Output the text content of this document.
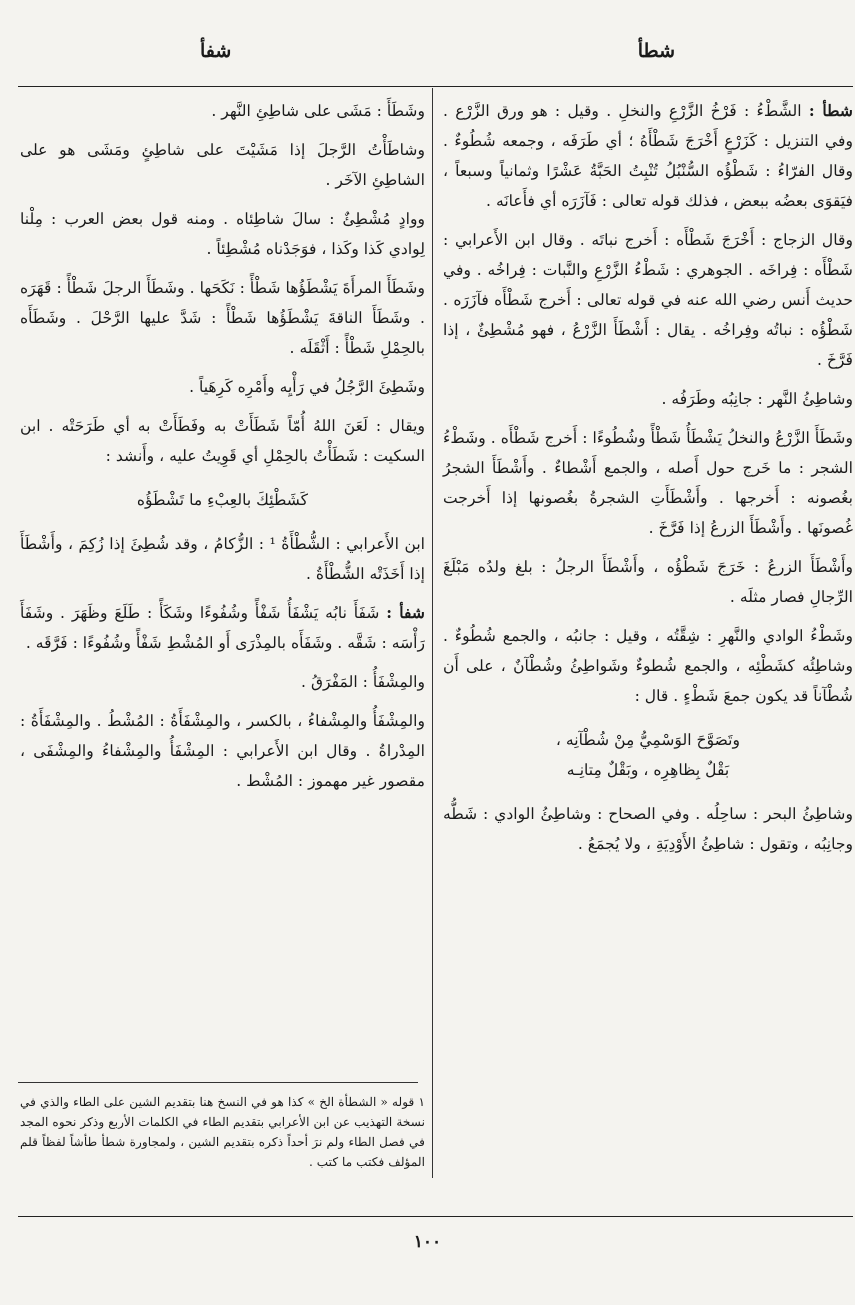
شطأ
شفأ

شطأ : الشَّطْءُ : فَرْخُ الزَّرْعِ والنخلِ . وقيل : هو ورق الزَّرْع . وفي التنزيل : كَزَرْعٍ أَخْرَجَ شَطْأَهُ ؛ أي طَرَفَه ، وجمعه شُطُوءٌ . وقال الفرّاءُ : شَطْؤُه السُّنْبُلُ تُنْبِتُ الحَبَّةُ عَشْرًا وثمانياً وسبعاً ، فيَقوَى بعضُه ببعض ، فذلك قوله تعالى : فَآزَرَه أي فأَعانَه .

وقال الزجاج : أَخْرَجَ شَطْأَه : أَخرج نباتَه . وقال ابن الأَعرابي : شَطْأَه : فِراخَه . الجوهري : شَطْءُ الزَّرْعِ والنَّبات : فِراخُه . وفي حديث أَنس رضي الله عنه في قوله تعالى : أَخرج شَطْأَه فآزَرَه . شَطْؤُه : نباتُه وفِراخُه . يقال : أَشْطَأَ الزَّرْعُ ، فهو مُشْطِئٌ ، إذا فَرَّخَ .

وشاطِئُ النَّهر : جانِبُه وطَرَفُه .

وشَطَأَ الزَّرْعُ والنخلُ يَشْطَأُ شَطْأً وشُطُوءًا : أَخرج شَطْأَه . وشَطْءُ الشجر : ما خَرج حول أَصله ، والجمع أَشْطاءٌ . وأَشْطَأَ الشجرُ بغُصونه : أَخرجها . وأَشْطَأَتِ الشجرةُ بغُصونها إذا أَخرجت غُصونَها . وأَشْطَأَ الزرعُ إذا فَرَّخَ .

وأَشْطَأَ الزرعُ : خَرَجَ شَطْؤُه ، وأَشْطَأَ الرجلُ : بلغ ولدُه مَبْلَغَ الرِّجالِ فصار مثلَه .

وشَطْءُ الوادي والنَّهرِ : شِقَّتُه ، وقيل : جانبُه ، والجمع شُطُوءٌ . وشاطِئُه كشَطْئِه ، والجمع شُطوءٌ وشَواطِئُ وشُطْآنٌ ، على أَن شُطْآناً قد يكون جمعَ شَطْءٍ . قال :

وتَصَوَّحَ الوَسْمِيُّ مِنْ شُطْآنِه ،
بَقْلٌ بِظاهِرِه ، وبَقْلٌ مِتانِـه

وشاطِئُ البحر : ساحِلُه . وفي الصحاح : وشاطِئُ الوادي : شَطُّه وجانِبُه ، وتقول : شاطِئُ الأَوْدِيَةِ ، ولا يُجمَعُ .

وشَطَأَ : مَشَى على شاطِئِ النَّهر .

وشاطَأْتُ الرَّجلَ إذا مَشَيْتَ على شاطِئٍ ومَشَى هو على الشاطِئِ الآخَر .

ووادٍ مُشْطِئٌ : سالَ شاطِئاه . ومنه قول بعض العرب : مِلْنا لِوادي كَذا وكَذا ، فوَجَدْناه مُشْطِئاً .

وشَطَأَ المرأَةَ يَشْطَؤُها شَطْأً : نَكَحَها . وشَطَأَ الرجلَ شَطْأً : قَهَرَه . وشَطَأَ الناقةَ يَشْطَؤُها شَطْأً : شَدَّ عليها الرَّحْلَ . وشَطَأَه بالحِمْلِ شَطْأً : أَثْقَلَه .

وشَطِئَ الرَّجُلُ في رَأْيِه وأَمْرِه كَرِهَياً .

ويقال : لَعَنَ اللهُ أُمّاً شَطَأَتْ به وفَطَأَتْ به أي طَرَحَتْه . ابن السكيت : شَطَأْتُ بالحِمْلِ أي قَوِيتُ عليه ، وأَنشد :

كَشَطْئِكَ بالعِبْءِ ما تَشْطَؤُه

ابن الأَعرابي : الشُّطْأَةُ ¹ : الزُّكامُ ، وقد شُطِئَ إذا زُكِمَ ، وأَشْطَأَ إذا أَخَذَتْه الشُّطْأَةُ .

شفأ : شَفَأَ نابُه يَشْفَأُ شَفْأً وشُفُوءًا وشَكَأً : طَلَعَ وظَهَرَ . وشَفَأَ رَأْسَه : شَقَّه . وشَفَأَه بالمِذْرَى أَو المُشْطِ شَفْأً وشُفُوءًا : فَرَّقَه .

والمِشْفَأُ : المَفْرَقُ .

والمِشْفَأُ والمِشْفاءُ ، بالكسر ، والمِشْفَأَةُ : المُشْطُ . والمِشْفَأَةُ : المِدْراةُ . وقال ابن الأَعرابي : المِشْفَأُ والمِشْفاءُ والمِشْفَى ، مقصور غير مهموز : المُشْط .

١ قوله « الشطأة الخ » كذا هو في النسخ هنا بتقديم الشين على الطاء والذي في نسخة التهذيب عن ابن الأعرابي بتقديم الطاء في الكلمات الأربع وذكر نحوه المجد في فصل الطاء ولم نرَ أحداً ذكره بتقديم الشين ، ولمجاورة شطأ طأشاً لفظاً قلم المؤلف فكتب ما كتب .

١٠٠
